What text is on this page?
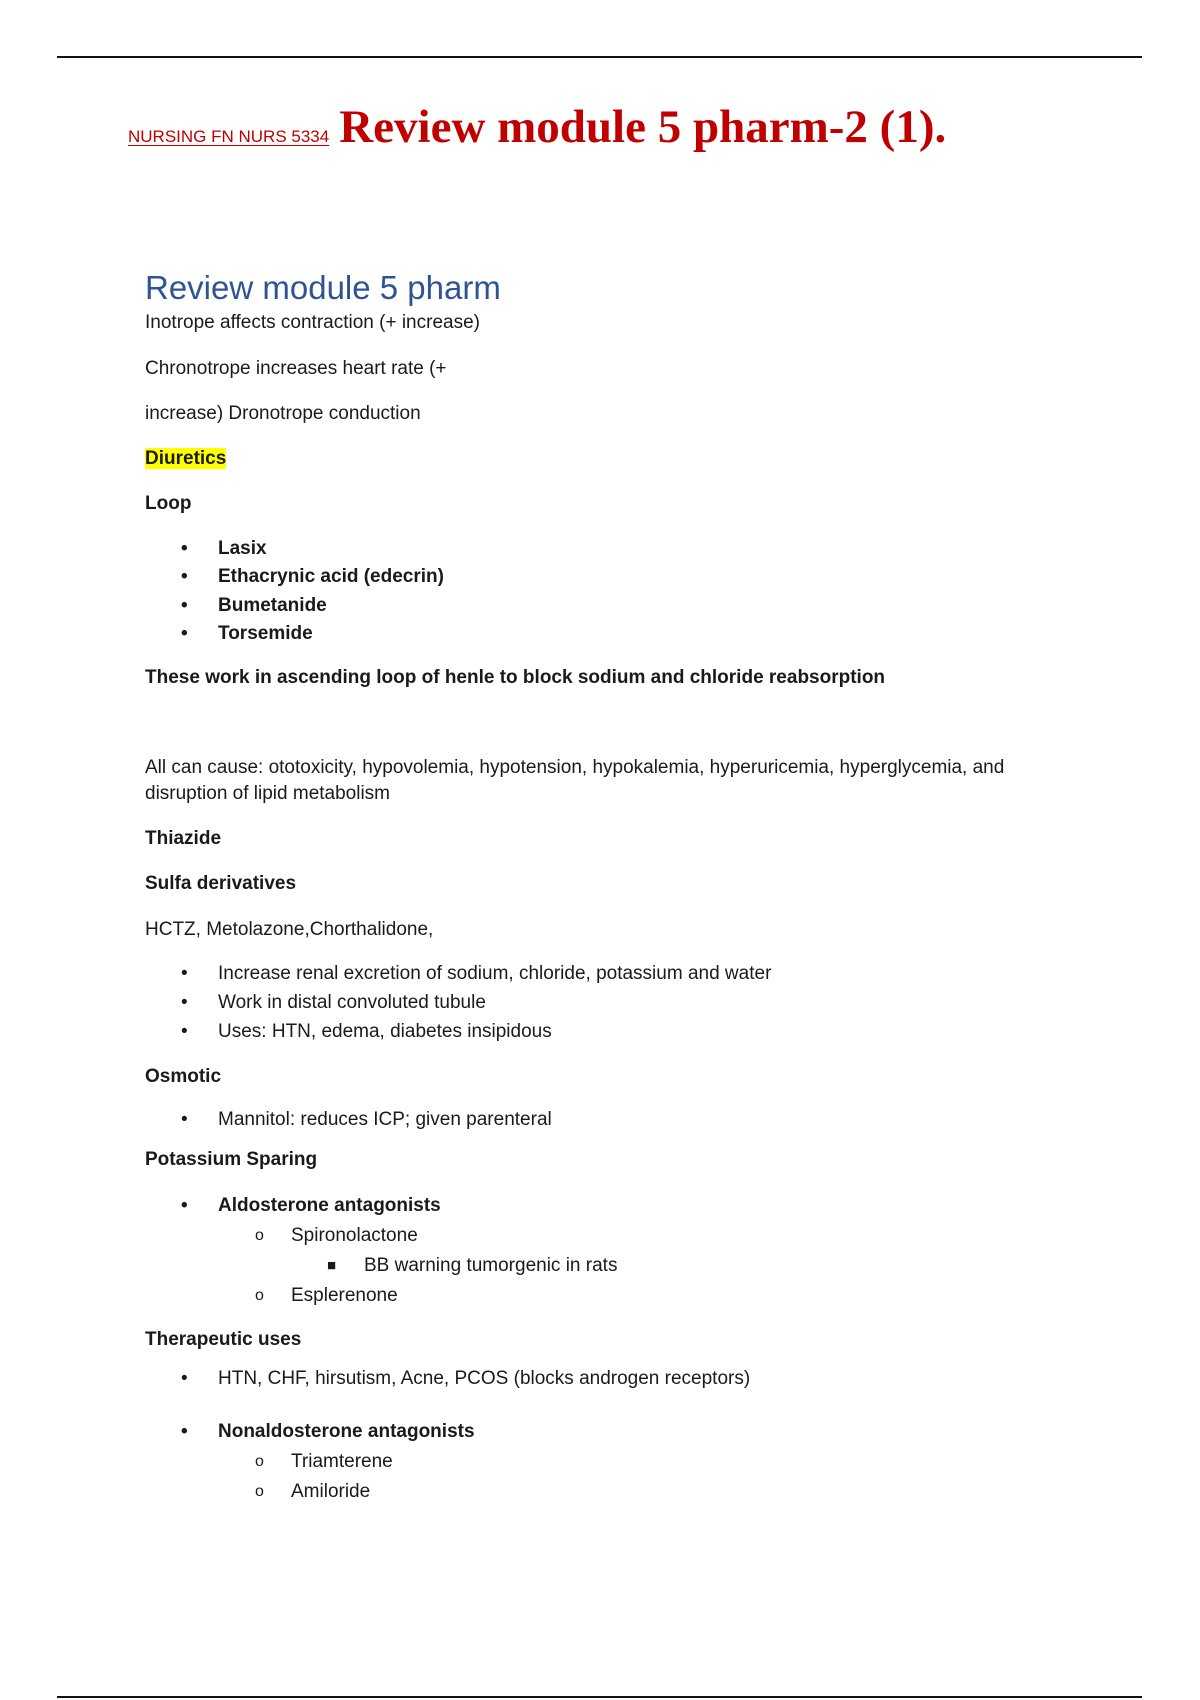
NURSING FN NURS 5334 Review module 5 pharm-2 (1).
Review module 5 pharm

Inotrope affects contraction (+ increase)

Chronotrope increases heart rate (+

increase) Dronotrope conduction

Diuretics

Loop

• Lasix
• Ethacrynic acid (edecrin)
• Bumetanide
• Torsemide

These work in ascending loop of henle to block sodium and chloride reabsorption

All can cause: ototoxicity, hypovolemia, hypotension, hypokalemia, hyperuricemia, hyperglycemia, and disruption of lipid metabolism

Thiazide

Sulfa derivatives

HCTZ, Metolazone,Chorthalidone,

• Increase renal excretion of sodium, chloride, potassium and water
• Work in distal convoluted tubule
• Uses: HTN, edema, diabetes insipidous

Osmotic

• Mannitol: reduces ICP; given parenteral

Potassium Sparing

• Aldosterone antagonists
o Spironolactone
■ BB warning tumorgenic in rats
o Esplerenone

Therapeutic uses

• HTN, CHF, hirsutism, Acne, PCOS (blocks androgen receptors)
• Nonaldosterone antagonists
o Triamterene
o Amiloride
